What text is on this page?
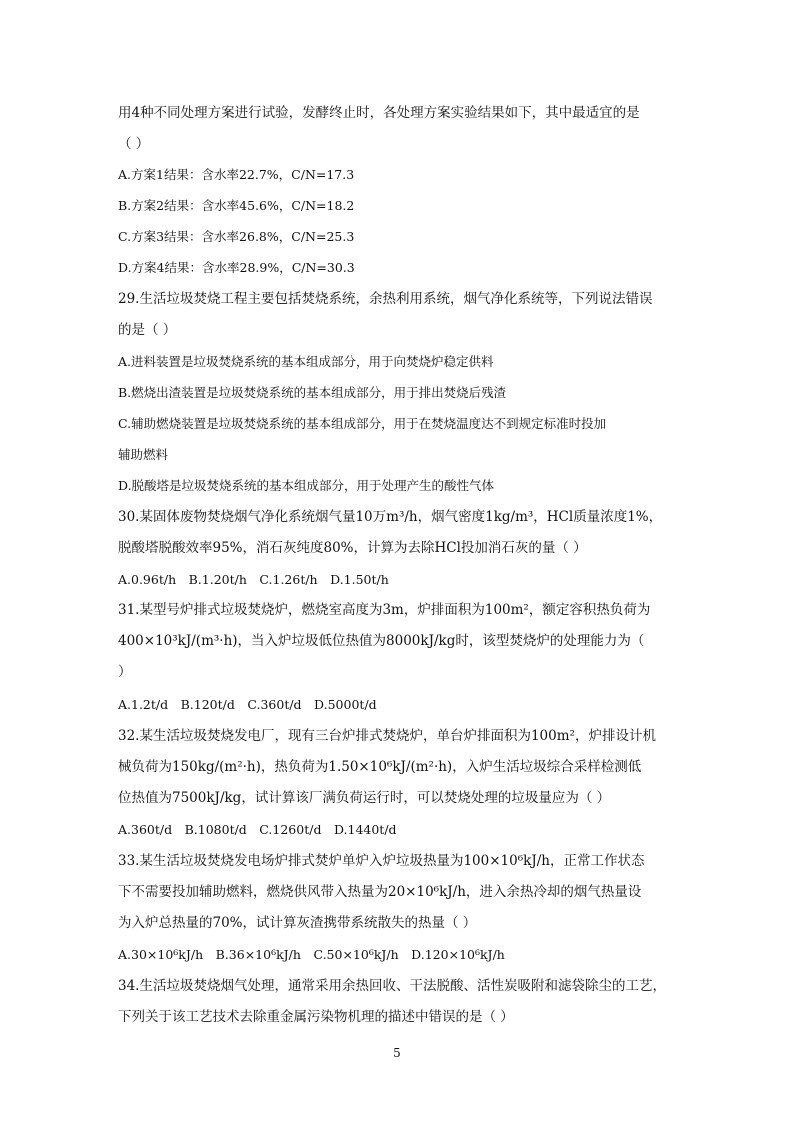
用4种不同处理方案进行试验，发酵终止时，各处理方案实验结果如下，其中最适宜的是
（ ）
A.方案1结果：含水率22.7%，C/N=17.3
B.方案2结果：含水率45.6%，C/N=18.2
C.方案3结果：含水率26.8%，C/N=25.3
D.方案4结果：含水率28.9%，C/N=30.3
29.生活垃圾焚烧工程主要包括焚烧系统，余热利用系统，烟气净化系统等，下列说法错误
的是（ ）
A.进料装置是垃圾焚烧系统的基本组成部分，用于向焚烧炉稳定供料
B.燃烧出渣装置是垃圾焚烧系统的基本组成部分，用于排出焚烧后残渣
C.辅助燃烧装置是垃圾焚烧系统的基本组成部分，用于在焚烧温度达不到规定标准时投加
辅助燃料
D.脱酸塔是垃圾焚烧系统的基本组成部分，用于处理产生的酸性气体
30.某固体废物焚烧烟气净化系统烟气量10万m³/h，烟气密度1kg/m³，HCl质量浓度1%，
脱酸塔脱酸效率95%，消石灰纯度80%，计算为去除HCl投加消石灰的量（ ）
A.0.96t/h　B.1.20t/h　C.1.26t/h　D.1.50t/h
31.某型号炉排式垃圾焚烧炉，燃烧室高度为3m，炉排面积为100m²，额定容积热负荷为
400×10³kJ/(m³·h)，当入炉垃圾低位热值为8000kJ/kg时，该型焚烧炉的处理能力为（
）
A.1.2t/d　B.120t/d　C.360t/d　D.5000t/d
32.某生活垃圾焚烧发电厂，现有三台炉排式焚烧炉，单台炉排面积为100m²，炉排设计机
械负荷为150kg/(m²·h)，热负荷为1.50×10⁶kJ/(m²·h)，入炉生活垃圾综合采样检测低
位热值为7500kJ/kg，试计算该厂满负荷运行时，可以焚烧处理的垃圾量应为（ ）
A.360t/d　B.1080t/d　C.1260t/d　D.1440t/d
33.某生活垃圾焚烧发电场炉排式焚炉单炉入炉垃圾热量为100×10⁶kJ/h，正常工作状态
下不需要投加辅助燃料，燃烧供风带入热量为20×10⁶kJ/h，进入余热冷却的烟气热量设
为入炉总热量的70%，试计算灰渣携带系统散失的热量（ ）
A.30×10⁶kJ/h　B.36×10⁶kJ/h　C.50×10⁶kJ/h　D.120×10⁶kJ/h
34.生活垃圾焚烧烟气处理，通常采用余热回收、干法脱酸、活性炭吸附和滤袋除尘的工艺，
下列关于该工艺技术去除重金属污染物机理的描述中错误的是（ ）
5
